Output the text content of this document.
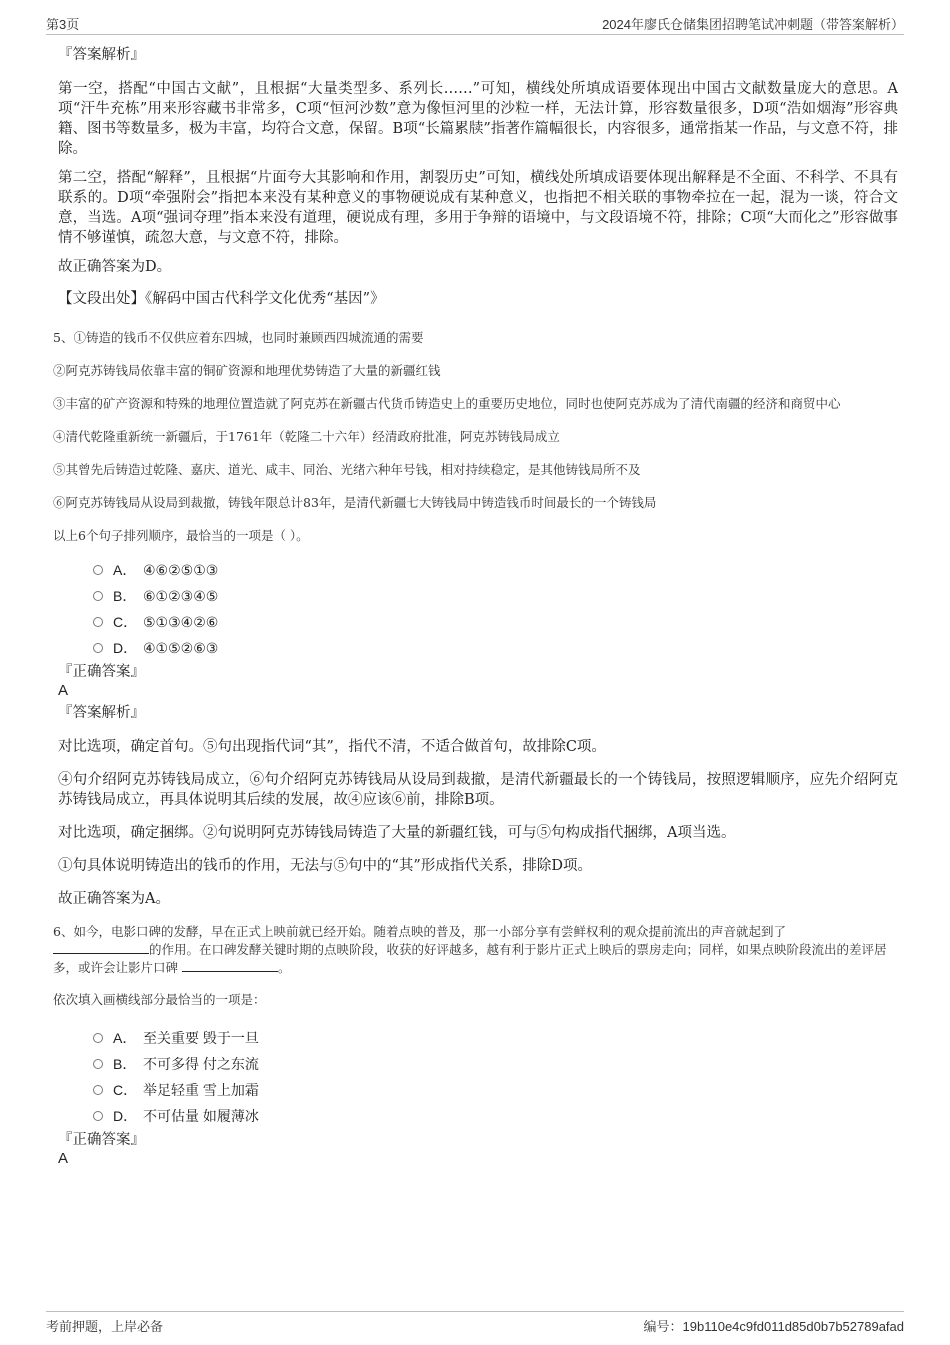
第3页	2024年廖氏仓储集团招聘笔试冲刺题（带答案解析）

『答案解析』

第一空，搭配“中国古文献”，且根据“大量类型多、系列长……”可知，横线处所填成语要体现出中国古文献数量庞大的意思。A项“汗牛充栋”用来形容藏书非常多，C项“恒河沙数”意为像恒河里的沙粒一样，无法计算，形容数量很多，D项“浩如烟海”形容典籍、图书等数量多，极为丰富，均符合文意，保留。B项“长篇累牍”指著作篇幅很长，内容很多，通常指某一作品，与文意不符，排除。

第二空，搭配“解释”，且根据“片面夸大其影响和作用，割裂历史”可知，横线处所填成语要体现出解释是不全面、不科学、不具有联系的。D项“牵强附会”指把本来没有某种意义的事物硬说成有某种意义，也指把不相关联的事物牵拉在一起，混为一谈，符合文意，当选。A项“强词夺理”指本来没有道理，硬说成有理，多用于争辩的语境中，与文段语境不符，排除；C项“大而化之”形容做事情不够谨慎，疏忽大意，与文意不符，排除。

故正确答案为D。

【文段出处】《解码中国古代科学文化优秀“基因”》

5、①铸造的钱币不仅供应着东四城，也同时兼顾西四城流通的需要

②阿克苏铸钱局依靠丰富的铜矿资源和地理优势铸造了大量的新疆红钱

③丰富的矿产资源和特殊的地理位置造就了阿克苏在新疆古代货币铸造史上的重要历史地位，同时也使阿克苏成为了清代南疆的经济和商贸中心

④清代乾隆重新统一新疆后，于1761年（乾隆二十六年）经清政府批准，阿克苏铸钱局成立

⑤其曾先后铸造过乾隆、嘉庆、道光、咸丰、同治、光绪六种年号钱，相对持续稳定，是其他铸钱局所不及

⑥阿克苏铸钱局从设局到裁撤，铸钱年限总计83年，是清代新疆七大铸钱局中铸造钱币时间最长的一个铸钱局

以上6个句子排列顺序，最恰当的一项是（ ）。

A． ④⑥②⑤①③
B． ⑥①②③④⑤
C． ⑤①③④②⑥
D． ④①⑤②⑥③

『正确答案』

A

『答案解析』

对比选项，确定首句。⑤句出现指代词“其”，指代不清，不适合做首句，故排除C项。

④句介绍阿克苏铸钱局成立，⑥句介绍阿克苏铸钱局从设局到裁撤，是清代新疆最长的一个铸钱局，按照逻辑顺序，应先介绍阿克苏铸钱局成立，再具体说明其后续的发展，故④应该⑥前，排除B项。

对比选项，确定捆绑。②句说明阿克苏铸钱局铸造了大量的新疆红钱，可与⑤句构成指代捆绑，A项当选。

①句具体说明铸造出的钱币的作用，无法与⑤句中的“其”形成指代关系，排除D项。

故正确答案为A。

6、如今，电影口碑的发酵，早在正式上映前就已经开始。随着点映的普及，那一小部分享有尝鲜权利的观众提前流出的声音就起到了
的作用。在口碑发酵关键时期的点映阶段，收获的好评越多，越有利于影片正式上映后的票房走向；同样，如果点映阶段流出的差评居多，或许会让影片口碑	。

依次填入画横线部分最恰当的一项是：

A． 至关重要 毁于一旦
B． 不可多得 付之东流
C． 举足轻重 雪上加霜
D． 不可估量 如履薄冰

『正确答案』

A

考前押题，上岸必备	编号：19b110e4c9fd011d85d0b7b52789afad
